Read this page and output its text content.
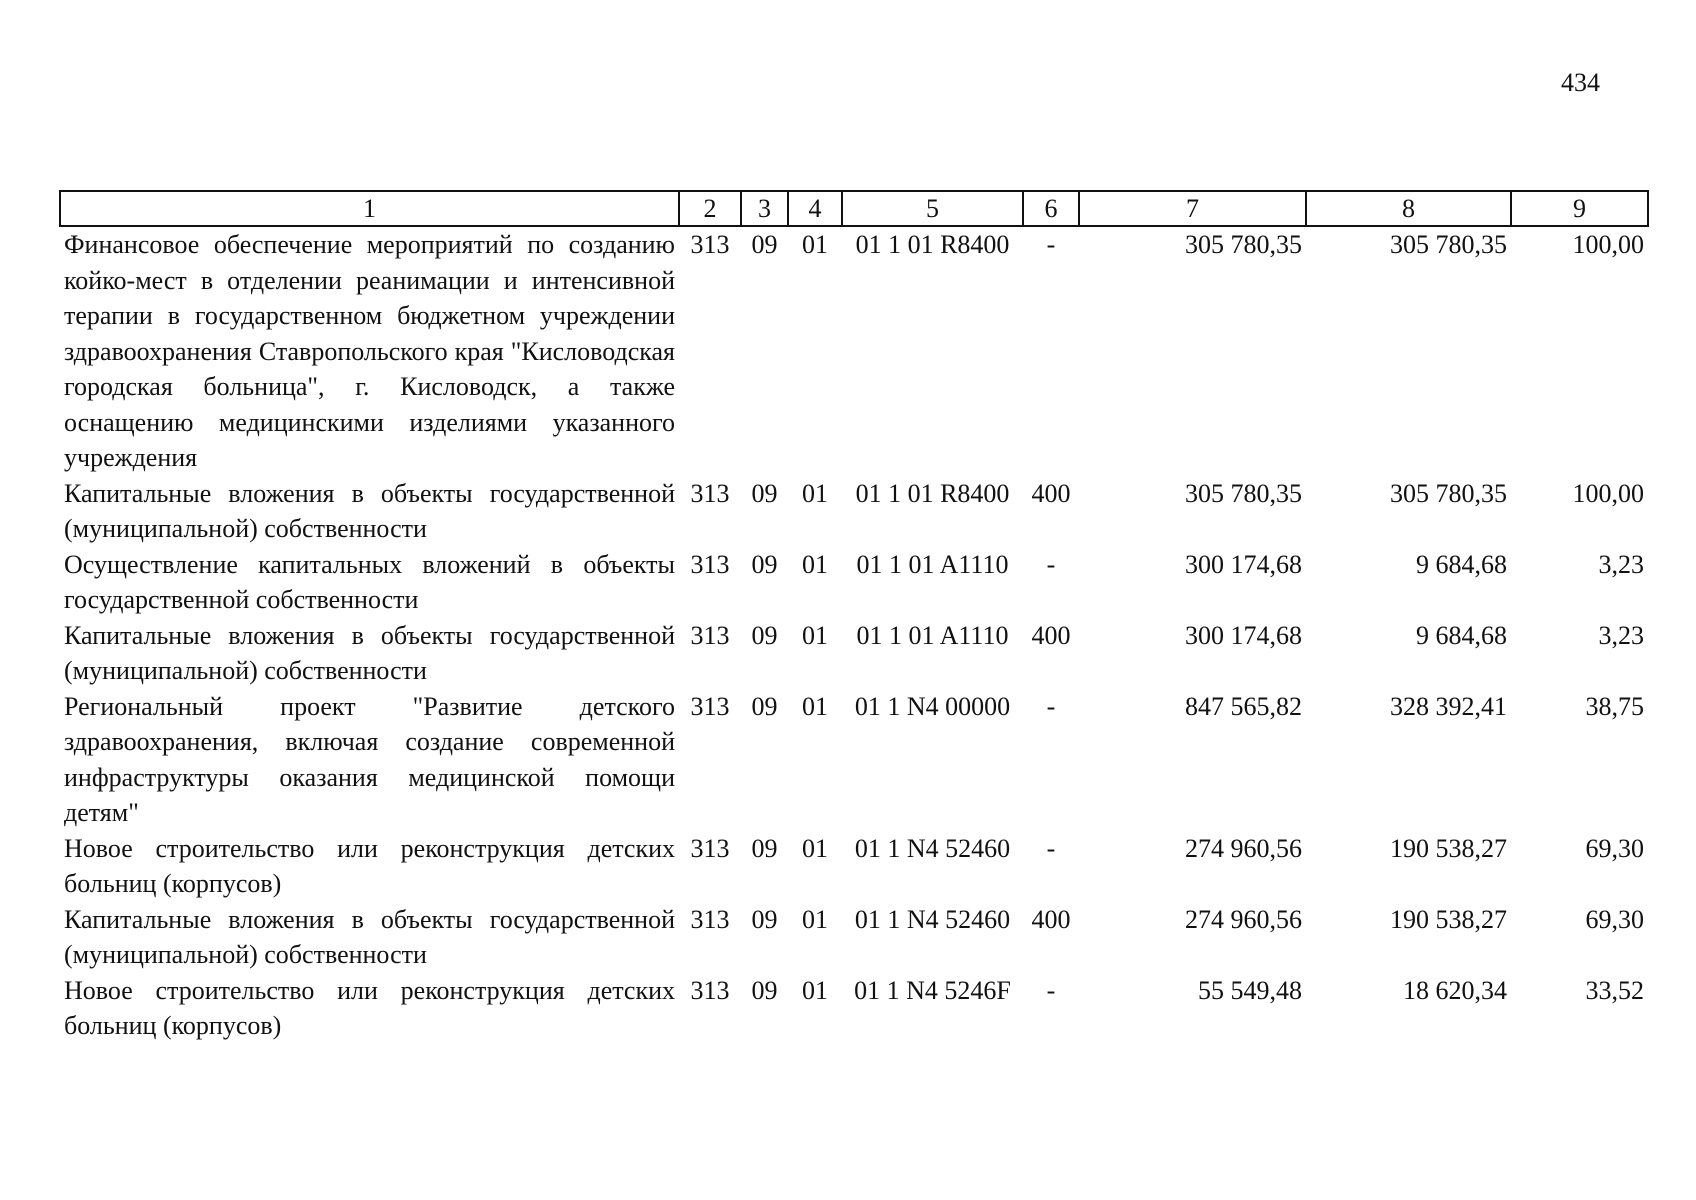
434
1	2	3	4	5	6	7	8	9
Финансовое обеспечение мероприятий по созданию койко-мест в отделении реанимации и интенсивной терапии в государственном бюджетном учреждении здравоохранения Ставропольского края "Кисловодская городская больница", г. Кисловодск, а также оснащению медицинскими изделиями указанного учреждения	313	09	01	01 1 01 R8400	-	305 780,35	305 780,35	100,00
Капитальные вложения в объекты государственной (муниципальной) собственности	313	09	01	01 1 01 R8400	400	305 780,35	305 780,35	100,00
Осуществление капитальных вложений в объекты государственной собственности	313	09	01	01 1 01 A1110	-	300 174,68	9 684,68	3,23
Капитальные вложения в объекты государственной (муниципальной) собственности	313	09	01	01 1 01 A1110	400	300 174,68	9 684,68	3,23
Региональный проект "Развитие детского здравоохранения, включая создание современной инфраструктуры оказания медицинской помощи детям"	313	09	01	01 1 N4 00000	-	847 565,82	328 392,41	38,75
Новое строительство или реконструкция детских больниц (корпусов)	313	09	01	01 1 N4 52460	-	274 960,56	190 538,27	69,30
Капитальные вложения в объекты государственной (муниципальной) собственности	313	09	01	01 1 N4 52460	400	274 960,56	190 538,27	69,30
Новое строительство или реконструкция детских больниц (корпусов)	313	09	01	01 1 N4 5246F	-	55 549,48	18 620,34	33,52
